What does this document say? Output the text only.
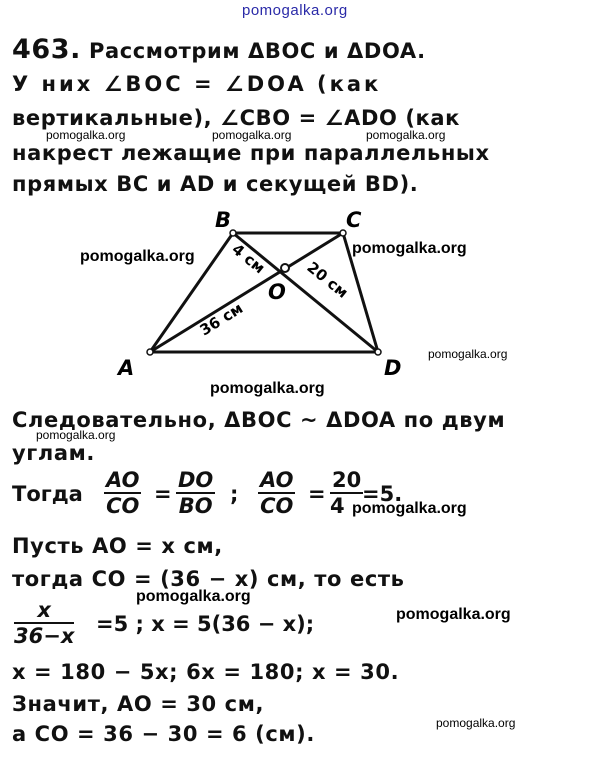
pomogalka.org
463. Рассмотрим ΔBOC и ΔDOA.
У них ∠BOC = ∠DOA (как
вертикальные), ∠CBO = ∠ADO (как
pomogalka.org	pomogalka.org	pomogalka.org
накрест лежащие при параллельных
прямых BC и AD и секущей BD).
B	C
A	D
O
4 см 20 см
36 см
pomogalka.org	pomogalka.org
pomogalka.org
pomogalka.org
Следовательно, ΔBOC ~ ΔDOA по двум
pomogalka.org
углам.
Тогда $\frac{AO}{CO} = \frac{DO}{BO}$ ; $\frac{AO}{CO} = \frac{20}{4}$
=5.
pomogalka.org
Пусть AO = x см,
тогда CO = (36 − x) см, то есть
pomogalka.org
$\frac{x}{36-x} =5$ ; x = 5(36 − x);	pomogalka.org
x = 180 − 5x; 6x = 180; x = 30.
Значит, AO = 30 см,
pomogalka.org
а CO = 36 − 30 = 6 (см).
